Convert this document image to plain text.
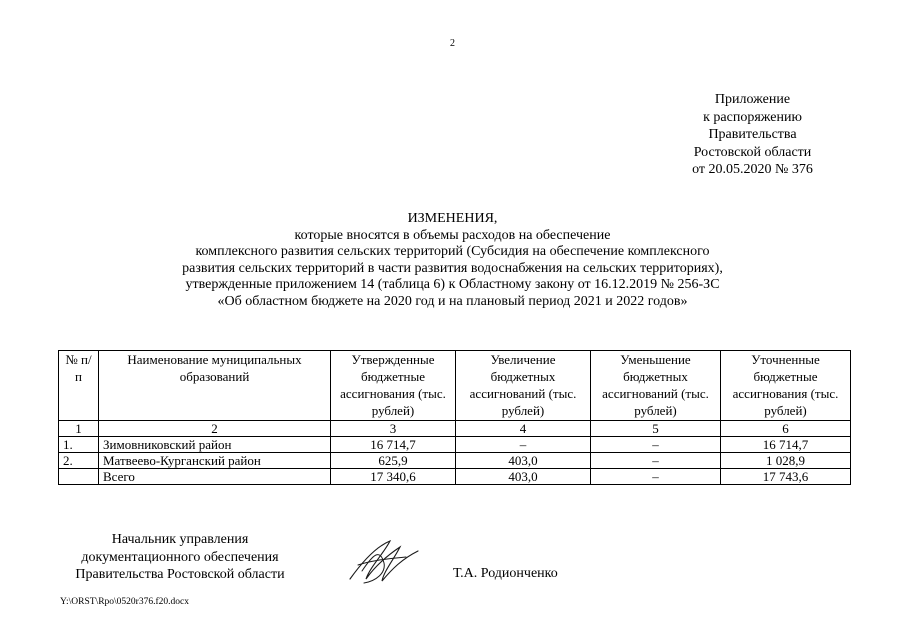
2
Приложение
к распоряжению
Правительства
Ростовской области
от 20.05.2020 № 376
ИЗМЕНЕНИЯ,
которые вносятся в объемы расходов на обеспечение
комплексного развития сельских территорий (Субсидия на обеспечение комплексного
развития сельских территорий в части развития водоснабжения на сельских территориях),
утвержденные приложением 14 (таблица 6) к Областному закону от 16.12.2019 № 256-ЗС
«Об областном бюджете на 2020 год и на плановый период 2021 и 2022 годов»
№ п/п	Наименование муниципальных образований	Утвержденные бюджетные ассигнования (тыс. рублей)	Увеличение бюджетных ассигнований (тыс. рублей)	Уменьшение бюджетных ассигнований (тыс. рублей)	Уточненные бюджетные ассигнования (тыс. рублей)
1	2	3	4	5	6
1.	Зимовниковский район	16 714,7	–	–	16 714,7
2.	Матвеево-Курганский район	625,9	403,0	–	1 028,9
	Всего	17 340,6	403,0	–	17 743,6
Начальник управления
документационного обеспечения
Правительства Ростовской области	Т.А. Родионченко
Y:\ORST\Rpo\0520r376.f20.docx
